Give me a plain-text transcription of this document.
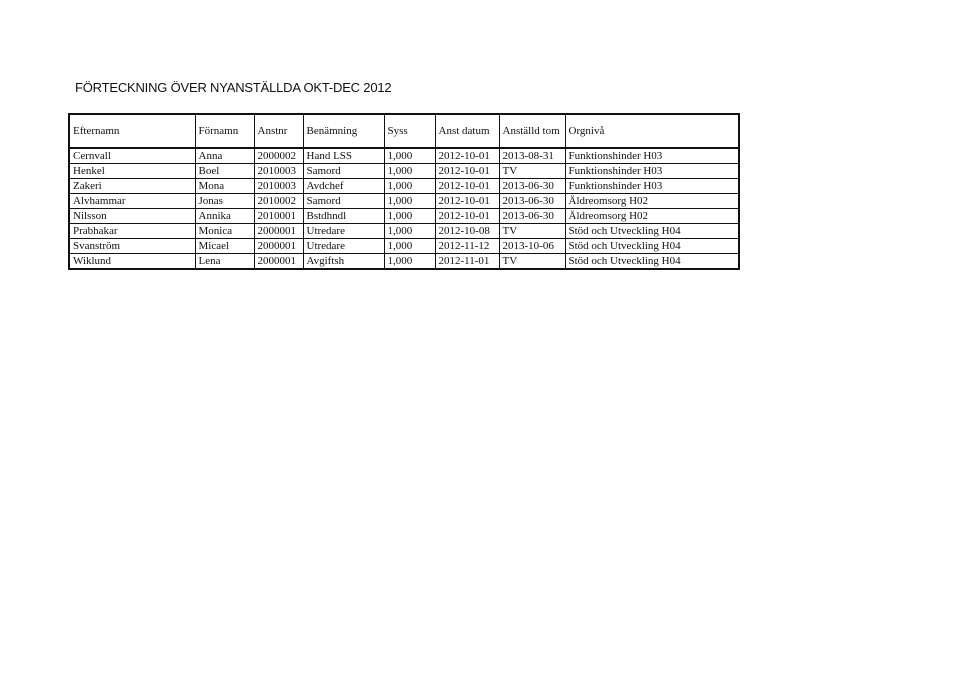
FÖRTECKNING ÖVER NYANSTÄLLDA OKT-DEC 2012
Efternamn	Förnamn	Anstnr	Benämning	Syss	Anst datum	Anställd tom	Orgnivå
Cernvall	Anna	2000002	Hand LSS	1,000	2012-10-01	2013-08-31	Funktionshinder H03
Henkel	Boel	2010003	Samord	1,000	2012-10-01	TV	Funktionshinder H03
Zakeri	Mona	2010003	Avdchef	1,000	2012-10-01	2013-06-30	Funktionshinder H03
Alvhammar	Jonas	2010002	Samord	1,000	2012-10-01	2013-06-30	Äldreomsorg H02
Nilsson	Annika	2010001	Bstdhndl	1,000	2012-10-01	2013-06-30	Äldreomsorg H02
Prabhakar	Monica	2000001	Utredare	1,000	2012-10-08	TV	Stöd och Utveckling H04
Svanström	Micael	2000001	Utredare	1,000	2012-11-12	2013-10-06	Stöd och Utveckling H04
Wiklund	Lena	2000001	Avgiftsh	1,000	2012-11-01	TV	Stöd och Utveckling H04
